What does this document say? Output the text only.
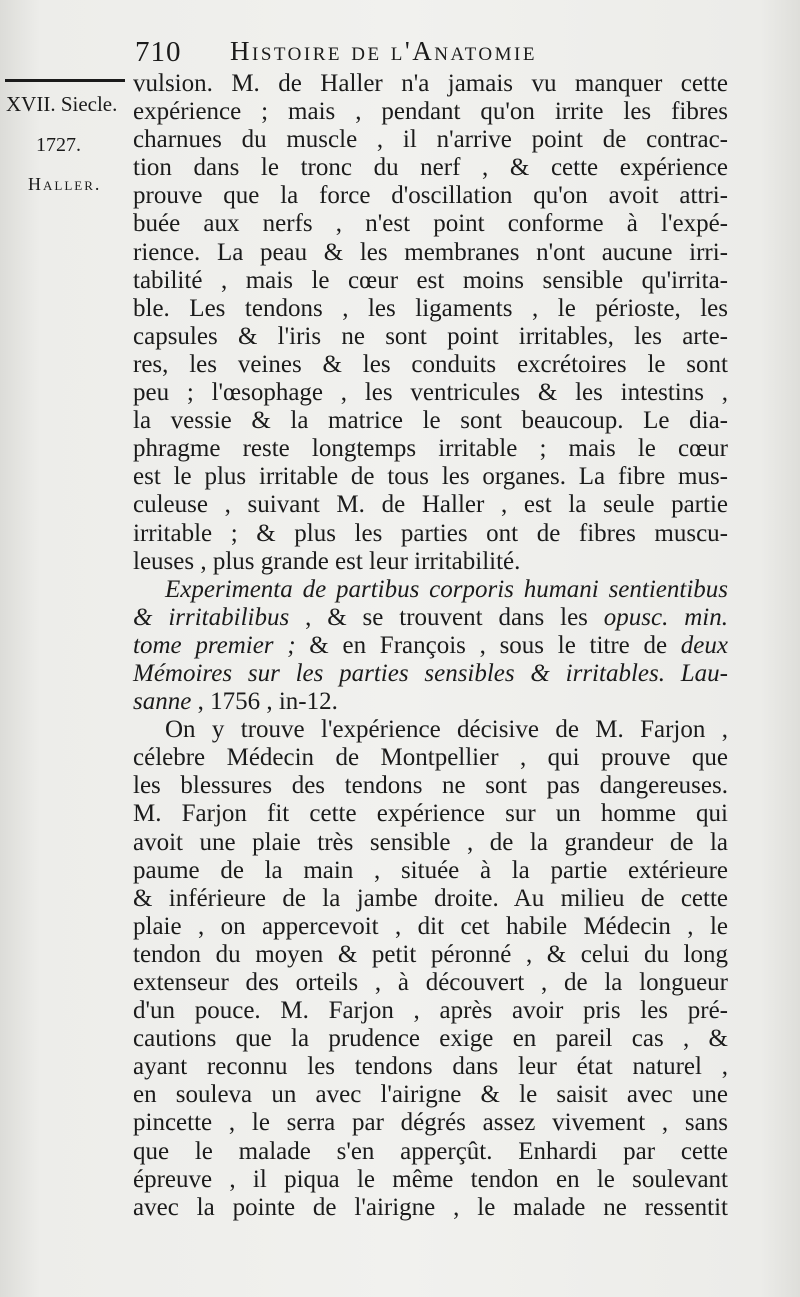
710 Histoire de l'Anatomie
XVII. Siecle.
1727.
Haller.
vulsion. M. de Haller n'a jamais vu manquer cette
expérience ; mais , pendant qu'on irrite les fibres
charnues du muscle , il n'arrive point de contrac-
tion dans le tronc du nerf , & cette expérience
prouve que la force d'oscillation qu'on avoit attri-
buée aux nerfs , n'est point conforme à l'expé-
rience. La peau & les membranes n'ont aucune irri-
tabilité , mais le cœur est moins sensible qu'irrita-
ble. Les tendons , les ligaments , le périoste, les
capsules & l'iris ne sont point irritables, les arte-
res, les veines & les conduits excrétoires le sont
peu ; l'œsophage , les ventricules & les intestins ,
la vessie & la matrice le sont beaucoup. Le dia-
phragme reste longtemps irritable ; mais le cœur
est le plus irritable de tous les organes. La fibre mus-
culeuse , suivant M. de Haller , est la seule partie
irritable ; & plus les parties ont de fibres muscu-
leuses , plus grande est leur irritabilité.
Experimenta de partibus corporis humani sentientibus
& irritabilibus , & se trouvent dans les opusc. min.
tome premier ; & en François , sous le titre de deux
Mémoires sur les parties sensibles & irritables. Lau-
sanne , 1756 , in-12.
On y trouve l'expérience décisive de M. Farjon ,
célebre Médecin de Montpellier , qui prouve que
les blessures des tendons ne sont pas dangereuses.
M. Farjon fit cette expérience sur un homme qui
avoit une plaie très sensible , de la grandeur de la
paume de la main , située à la partie extérieure
& inférieure de la jambe droite. Au milieu de cette
plaie , on appercevoit , dit cet habile Médecin , le
tendon du moyen & petit péronné , & celui du long
extenseur des orteils , à découvert , de la longueur
d'un pouce. M. Farjon , après avoir pris les pré-
cautions que la prudence exige en pareil cas , &
ayant reconnu les tendons dans leur état naturel ,
en souleva un avec l'airigne & le saisit avec une
pincette , le serra par dégrés assez vivement , sans
que le malade s'en apperçût. Enhardi par cette
épreuve , il piqua le même tendon en le soulevant
avec la pointe de l'airigne , le malade ne ressentit
